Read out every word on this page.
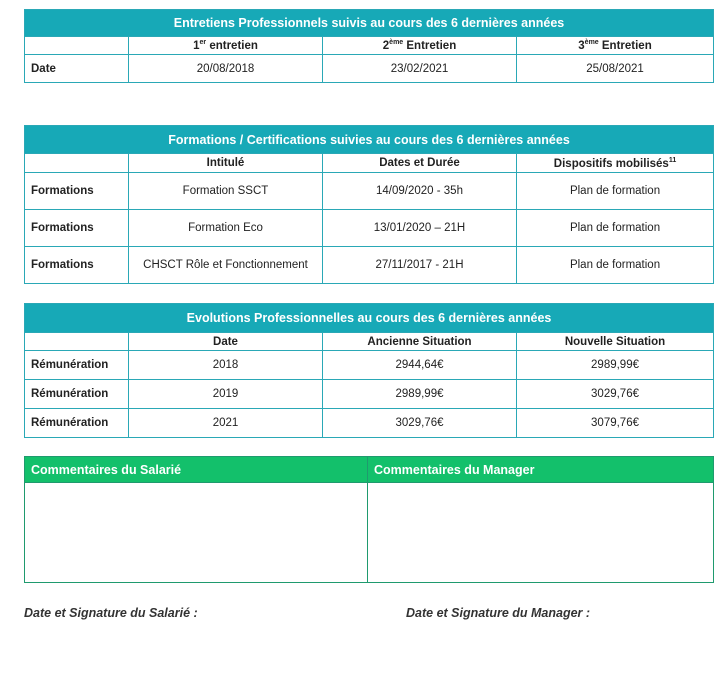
Entretiens Professionnels suivis au cours des 6 dernières années			
	1er entretien	2ème Entretien	3ème Entretien
Date	20/08/2018	23/02/2021	25/08/2021
Formations / Certifications suivies au cours des 6 dernières années			
	Intitulé	Dates et Durée	Dispositifs mobilisés$^{11}$
Formations	Formation SSCT	14/09/2020 - 35h	Plan de formation
Formations	Formation Eco	13/01/2020 – 21H	Plan de formation
Formations	CHSCT Rôle et Fonctionnement	27/11/2017 - 21H	Plan de formation
Evolutions Professionnelles au cours des 6 dernières années			
	Date	Ancienne Situation	Nouvelle Situation
Rémunération	2018	2944,64€	2989,99€
Rémunération	2019	2989,99€	3029,76€
Rémunération	2021	3029,76€	3079,76€
Commentaires du Salarié	Commentaires du Manager

Date et Signature du Salarié :	Date et Signature du Manager :
